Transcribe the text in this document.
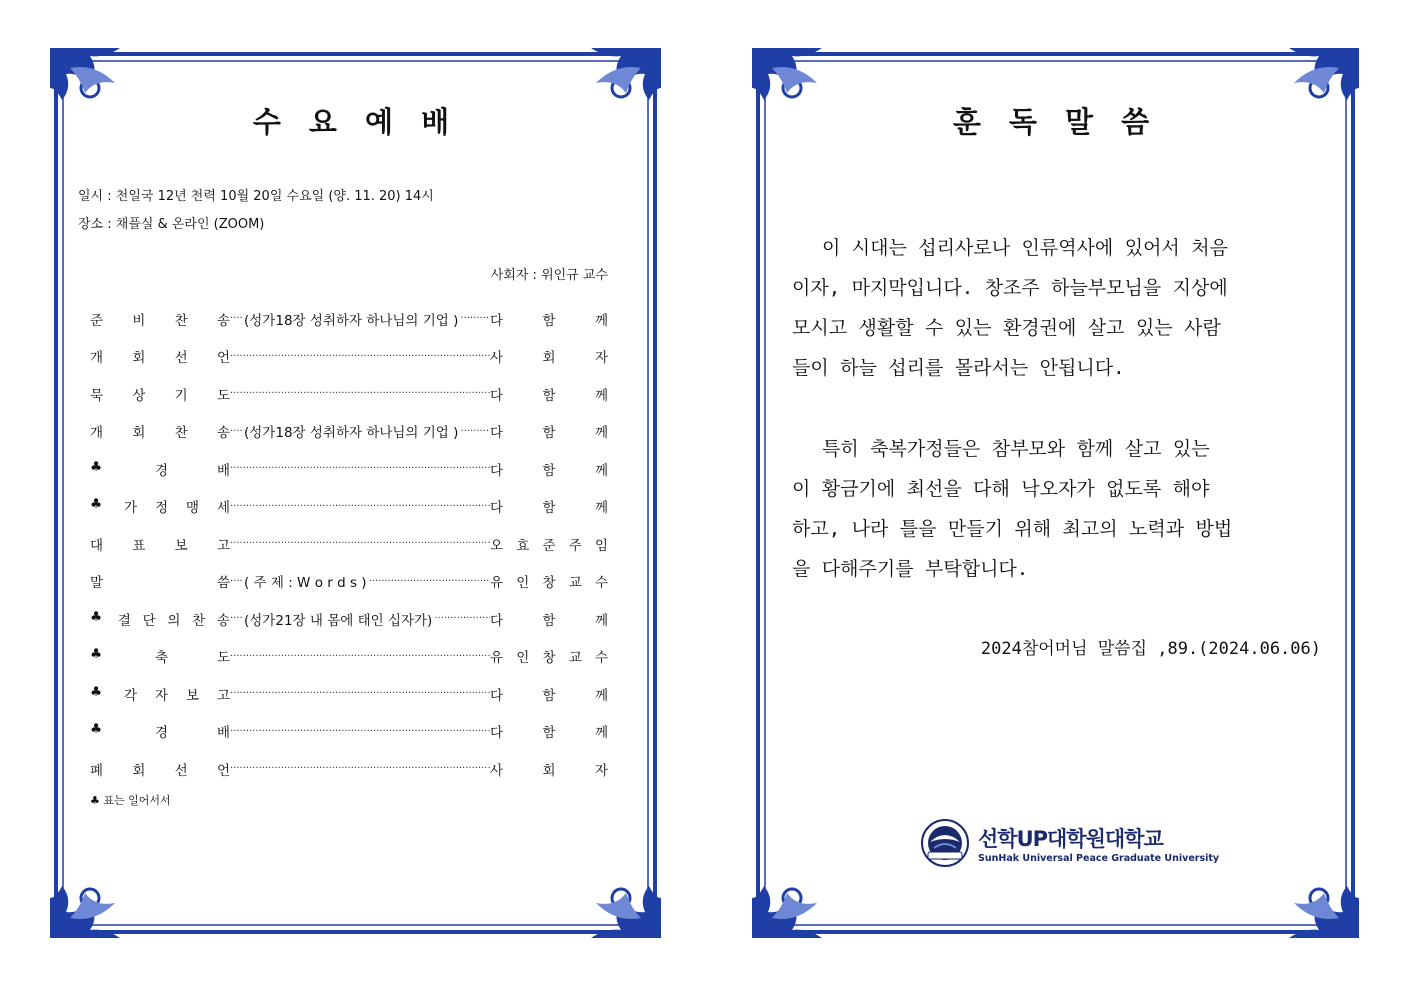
수 요 예 배
일시 : 천일국 12년 천력 10월 20일 수요일 (양. 11. 20) 14시
장소 : 채플실 & 온라인 (ZOOM)
사회자 : 위인규 교수
준 비 찬 송 ····· (성가18장 성취하자 하나님의 기업 ) ····· 다	함	께
개 회 선 언 ·····	사	회	자
묵 상 기 도 ·····	다	함	께
개 회 찬 송 ····· (성가18장 성취하자 하나님의 기업 ) ····· 다	함	께
♣	경	배 ·····	다	함	께
♣ 가 정 맹 세 ·····	다	함	께
대 표 보 고 ·····	오 효 준 주 임
말	씀 ····· ( 주 제 : W o r d s ) ·····	유 인 창 교 수
♣ 결 단 의 찬 송 ····· (성가21장 내 몸에 태인 십자가) ·····	다	함	께
♣	축	도 ·····	유 인 창 교 수
♣ 각 자 보 고 ·····	다	함	께
♣	경	배 ·····	다	함	께
폐 회 선 언 ·····	사	회	자
♣ 표는 일어서서
훈 독 말 씀

이 시대는 섭리사로나 인류역사에 있어서 처음

이자, 마지막입니다. 창조주 하늘부모님을 지상에

모시고 생활할 수 있는 환경권에 살고 있는 사람

들이 하늘 섭리를 몰라서는 안됩니다.

특히 축복가정들은 참부모와 함께 살고 있는

이 황금기에 최선을 다해 낙오자가 없도록 해야

하고, 나라 틀을 만들기 위해 최고의 노력과 방법

을 다해주기를 부탁합니다.

2024참어머님 말씀집 ,89.(2024.06.06)
선학UP대학원대학교
SunHak Universal Peace Graduate University
